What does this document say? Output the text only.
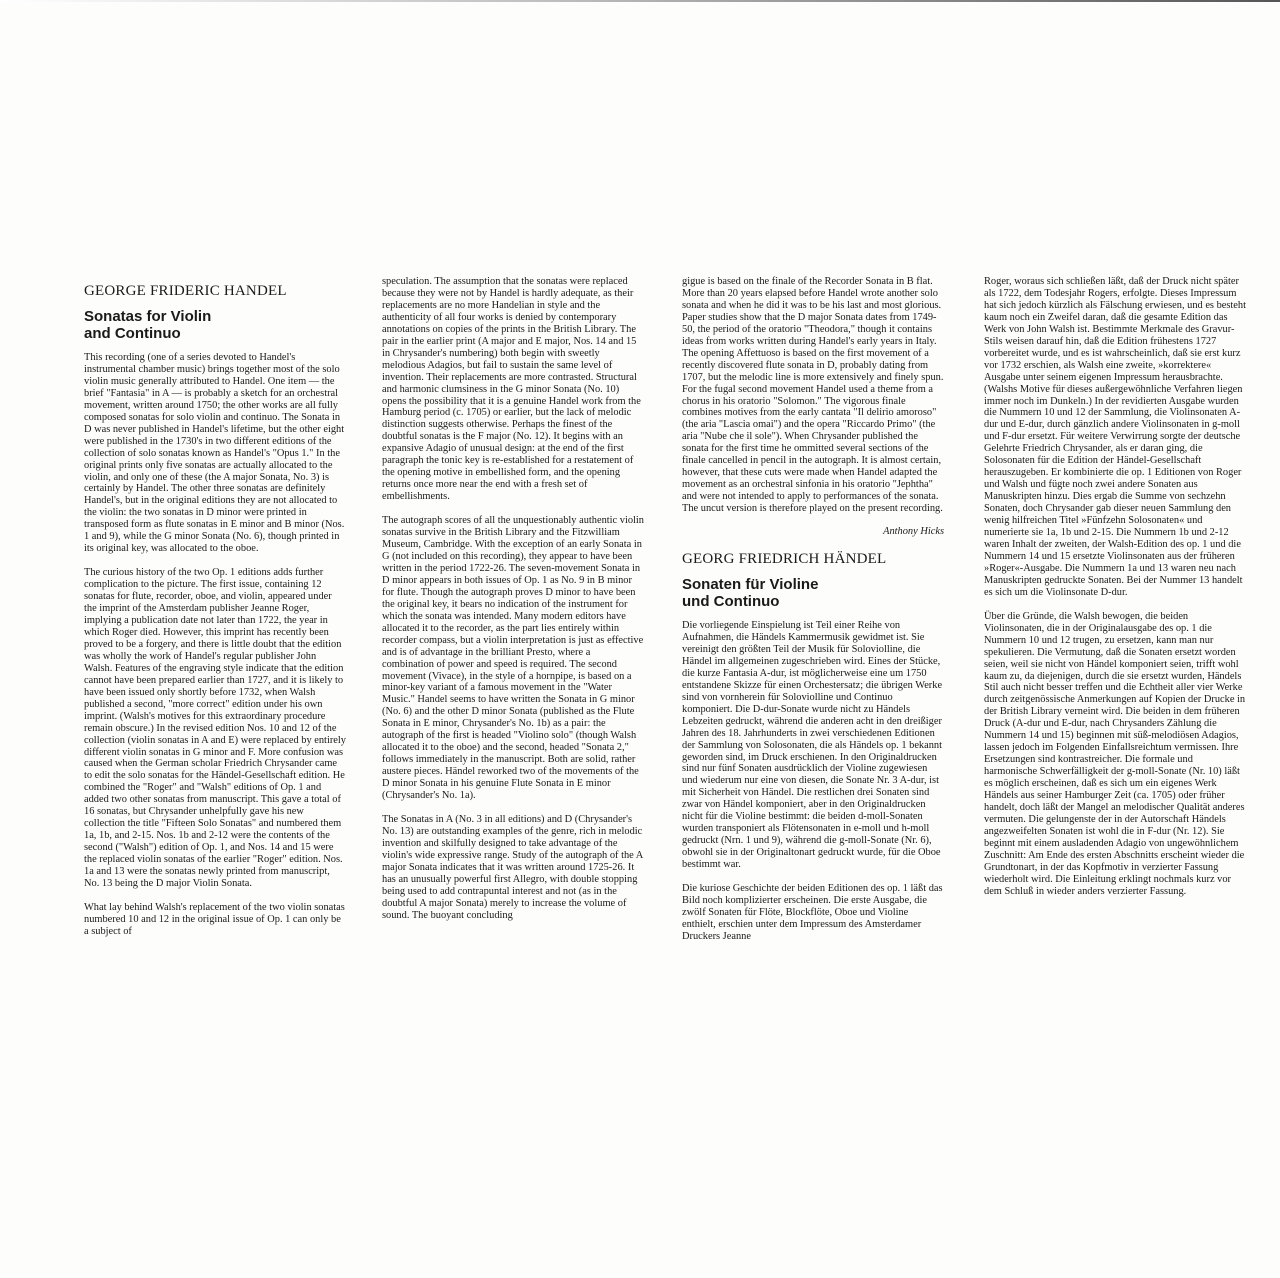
GEORGE FRIDERIC HANDEL
Sonatas for Violin
and Continuo

This recording (one of a series devoted to Handel's instrumental chamber music) brings together most of the solo violin music generally attributed to Handel. One item — the brief "Fantasia" in A — is probably a sketch for an orchestral movement, written around 1750; the other works are all fully composed sonatas for solo violin and continuo. The Sonata in D was never published in Handel's lifetime, but the other eight were published in the 1730's in two different editions of the collection of solo sonatas known as Handel's "Opus 1." In the original prints only five sonatas are actually allocated to the violin, and only one of these (the A major Sonata, No. 3) is certainly by Handel. The other three sonatas are definitely Handel's, but in the original editions they are not allocated to the violin: the two sonatas in D minor were printed in transposed form as flute sonatas in E minor and B minor (Nos. 1 and 9), while the G minor Sonata (No. 6), though printed in its original key, was allocated to the oboe.

The curious history of the two Op. 1 editions adds further complication to the picture. The first issue, containing 12 sonatas for flute, recorder, oboe, and violin, appeared under the imprint of the Amsterdam publisher Jeanne Roger, implying a publication date not later than 1722, the year in which Roger died. However, this imprint has recently been proved to be a forgery, and there is little doubt that the edition was wholly the work of Handel's regular publisher John Walsh. Features of the engraving style indicate that the edition cannot have been prepared earlier than 1727, and it is likely to have been issued only shortly before 1732, when Walsh published a second, "more correct" edition under his own imprint. (Walsh's motives for this extraordinary procedure remain obscure.) In the revised edition Nos. 10 and 12 of the collection (violin sonatas in A and E) were replaced by entirely different violin sonatas in G minor and F. More confusion was caused when the German scholar Friedrich Chrysander came to edit the solo sonatas for the Händel-Gesellschaft edition. He combined the "Roger" and "Walsh" editions of Op. 1 and added two other sonatas from manuscript. This gave a total of 16 sonatas, but Chrysander unhelpfully gave his new collection the title "Fifteen Solo Sonatas" and numbered them 1a, 1b, and 2-15. Nos. 1b and 2-12 were the contents of the second ("Walsh") edition of Op. 1, and Nos. 14 and 15 were the replaced violin sonatas of the earlier "Roger" edition. Nos. 1a and 13 were the sonatas newly printed from manuscript, No. 13 being the D major Violin Sonata.

What lay behind Walsh's replacement of the two violin sonatas numbered 10 and 12 in the original issue of Op. 1 can only be a subject of

speculation. The assumption that the sonatas were replaced because they were not by Handel is hardly adequate, as their replacements are no more Handelian in style and the authenticity of all four works is denied by contemporary annotations on copies of the prints in the British Library. The pair in the earlier print (A major and E major, Nos. 14 and 15 in Chrysander's numbering) both begin with sweetly melodious Adagios, but fail to sustain the same level of invention. Their replacements are more contrasted. Structural and harmonic clumsiness in the G minor Sonata (No. 10) opens the possibility that it is a genuine Handel work from the Hamburg period (c. 1705) or earlier, but the lack of melodic distinction suggests otherwise. Perhaps the finest of the doubtful sonatas is the F major (No. 12). It begins with an expansive Adagio of unusual design: at the end of the first paragraph the tonic key is re-established for a restatement of the opening motive in embellished form, and the opening returns once more near the end with a fresh set of embellishments.

The autograph scores of all the unquestionably authentic violin sonatas survive in the British Library and the Fitzwilliam Museum, Cambridge. With the exception of an early Sonata in G (not included on this recording), they appear to have been written in the period 1722-26. The seven-movement Sonata in D minor appears in both issues of Op. 1 as No. 9 in B minor for flute. Though the autograph proves D minor to have been the original key, it bears no indication of the instrument for which the sonata was intended. Many modern editors have allocated it to the recorder, as the part lies entirely within recorder compass, but a violin interpretation is just as effective and is of advantage in the brilliant Presto, where a combination of power and speed is required. The second movement (Vivace), in the style of a hornpipe, is based on a minor-key variant of a famous movement in the "Water Music." Handel seems to have written the Sonata in G minor (No. 6) and the other D minor Sonata (published as the Flute Sonata in E minor, Chrysander's No. 1b) as a pair: the autograph of the first is headed "Violino solo" (though Walsh allocated it to the oboe) and the second, headed "Sonata 2," follows immediately in the manuscript. Both are solid, rather austere pieces. Händel reworked two of the movements of the D minor Sonata in his genuine Flute Sonata in E minor (Chrysander's No. 1a).

The Sonatas in A (No. 3 in all editions) and D (Chrysander's No. 13) are outstanding examples of the genre, rich in melodic invention and skilfully designed to take advantage of the violin's wide expressive range. Study of the autograph of the A major Sonata indicates that it was written around 1725-26. It has an unusually powerful first Allegro, with double stopping being used to add contrapuntal interest and not (as in the doubtful A major Sonata) merely to increase the volume of sound. The buoyant concluding

gigue is based on the finale of the Recorder Sonata in B flat. More than 20 years elapsed before Handel wrote another solo sonata and when he did it was to be his last and most glorious. Paper studies show that the D major Sonata dates from 1749-50, the period of the oratorio "Theodora," though it contains ideas from works written during Handel's early years in Italy. The opening Affettuoso is based on the first movement of a recently discovered flute sonata in D, probably dating from 1707, but the melodic line is more extensively and finely spun. For the fugal second movement Handel used a theme from a chorus in his oratorio "Solomon." The vigorous finale combines motives from the early cantata "Il delirio amoroso" (the aria "Lascia omai") and the opera "Riccardo Primo" (the aria "Nube che il sole"). When Chrysander published the sonata for the first time he ommitted several sections of the finale cancelled in pencil in the autograph. It is almost certain, however, that these cuts were made when Handel adapted the movement as an orchestral sinfonia in his oratorio "Jephtha" and were not intended to apply to performances of the sonata. The uncut version is therefore played on the present recording.

Anthony Hicks

GEORG FRIEDRICH HÄNDEL
Sonaten für Violine
und Continuo

Die vorliegende Einspielung ist Teil einer Reihe von Aufnahmen, die Händels Kammermusik gewidmet ist. Sie vereinigt den größten Teil der Musik für Soloviolline, die Händel im allgemeinen zugeschrieben wird. Eines der Stücke, die kurze Fantasia A-dur, ist möglicherweise eine um 1750 entstandene Skizze für einen Orchestersatz; die übrigen Werke sind von vornherein für Soloviolline und Continuo komponiert. Die D-dur-Sonate wurde nicht zu Händels Lebzeiten gedruckt, während die anderen acht in den dreißiger Jahren des 18. Jahrhunderts in zwei verschiedenen Editionen der Sammlung von Solosonaten, die als Händels op. 1 bekannt geworden sind, im Druck erschienen. In den Originaldrucken sind nur fünf Sonaten ausdrücklich der Violine zugewiesen und wiederum nur eine von diesen, die Sonate Nr. 3 A-dur, ist mit Sicherheit von Händel. Die restlichen drei Sonaten sind zwar von Händel komponiert, aber in den Originaldrucken nicht für die Violine bestimmt: die beiden d-moll-Sonaten wurden transponiert als Flötensonaten in e-moll und h-moll gedruckt (Nrn. 1 und 9), während die g-moll-Sonate (Nr. 6), obwohl sie in der Originaltonart gedruckt wurde, für die Oboe bestimmt war.

Die kuriose Geschichte der beiden Editionen des op. 1 läßt das Bild noch komplizierter erscheinen. Die erste Ausgabe, die zwölf Sonaten für Flöte, Blockflöte, Oboe und Violine enthielt, erschien unter dem Impressum des Amsterdamer Druckers Jeanne

Roger, woraus sich schließen läßt, daß der Druck nicht später als 1722, dem Todesjahr Rogers, erfolgte. Dieses Impressum hat sich jedoch kürzlich als Fälschung erwiesen, und es besteht kaum noch ein Zweifel daran, daß die gesamte Edition das Werk von John Walsh ist. Bestimmte Merkmale des Gravur-Stils weisen darauf hin, daß die Edition frühestens 1727 vorbereitet wurde, und es ist wahrscheinlich, daß sie erst kurz vor 1732 erschien, als Walsh eine zweite, »korrektere« Ausgabe unter seinem eigenen Impressum herausbrachte. (Walshs Motive für dieses außergewöhnliche Verfahren liegen immer noch im Dunkeln.) In der revidierten Ausgabe wurden die Nummern 10 und 12 der Sammlung, die Violinsonaten A-dur und E-dur, durch gänzlich andere Violinsonaten in g-moll und F-dur ersetzt. Für weitere Verwirrung sorgte der deutsche Gelehrte Friedrich Chrysander, als er daran ging, die Solosonaten für die Edition der Händel-Gesellschaft herauszugeben. Er kombinierte die op. 1 Editionen von Roger und Walsh und fügte noch zwei andere Sonaten aus Manuskripten hinzu. Dies ergab die Summe von sechzehn Sonaten, doch Chrysander gab dieser neuen Sammlung den wenig hilfreichen Titel »Fünfzehn Solosonaten« und numerierte sie 1a, 1b und 2-15. Die Nummern 1b und 2-12 waren Inhalt der zweiten, der Walsh-Edition des op. 1 und die Nummern 14 und 15 ersetzte Violinsonaten aus der früheren »Roger«-Ausgabe. Die Nummern 1a und 13 waren neu nach Manuskripten gedruckte Sonaten. Bei der Nummer 13 handelt es sich um die Violinsonate D-dur.

Über die Gründe, die Walsh bewogen, die beiden Violinsonaten, die in der Originalausgabe des op. 1 die Nummern 10 und 12 trugen, zu ersetzen, kann man nur spekulieren. Die Vermutung, daß die Sonaten ersetzt worden seien, weil sie nicht von Händel komponiert seien, trifft wohl kaum zu, da diejenigen, durch die sie ersetzt wurden, Händels Stil auch nicht besser treffen und die Echtheit aller vier Werke durch zeitgenössische Anmerkungen auf Kopien der Drucke in der British Library verneint wird. Die beiden in dem früheren Druck (A-dur und E-dur, nach Chrysanders Zählung die Nummern 14 und 15) beginnen mit süß-melodiösen Adagios, lassen jedoch im Folgenden Einfallsreichtum vermissen. Ihre Ersetzungen sind kontrastreicher. Die formale und harmonische Schwerfälligkeit der g-moll-Sonate (Nr. 10) läßt es möglich erscheinen, daß es sich um ein eigenes Werk Händels aus seiner Hamburger Zeit (ca. 1705) oder früher handelt, doch läßt der Mangel an melodischer Qualität anderes vermuten. Die gelungenste der in der Autorschaft Händels angezweifelten Sonaten ist wohl die in F-dur (Nr. 12). Sie beginnt mit einem ausladenden Adagio von ungewöhnlichem Zuschnitt: Am Ende des ersten Abschnitts erscheint wieder die Grundtonart, in der das Kopfmotiv in verzierter Fassung wiederholt wird. Die Einleitung erklingt nochmals kurz vor dem Schluß in wieder anders verzierter Fassung.
